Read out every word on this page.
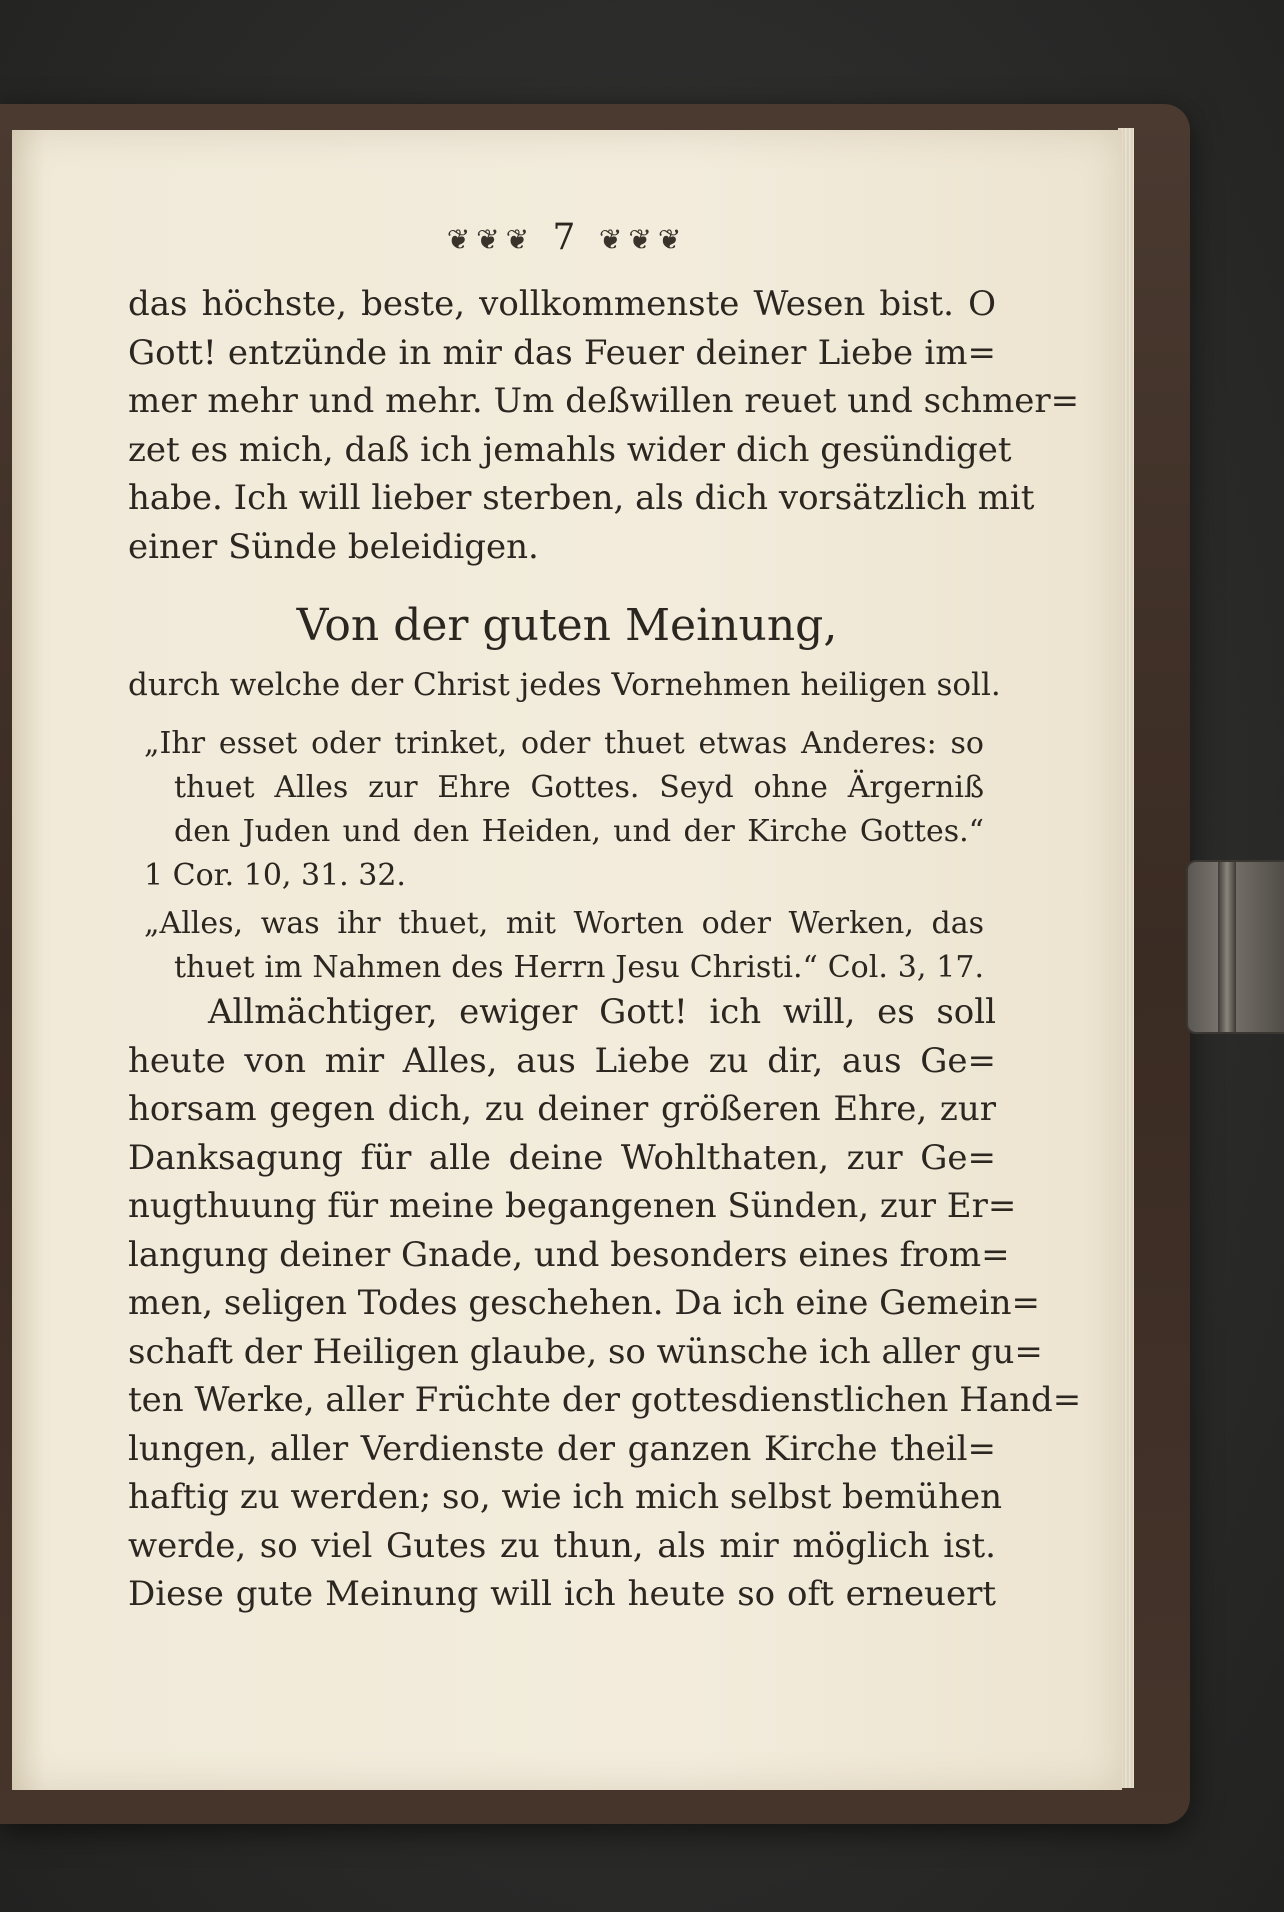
❦❦❦ 7 ❦❦❦
das höchste, beste, vollkommenste Wesen bist. O
Gott! entzünde in mir das Feuer deiner Liebe im=
mer mehr und mehr. Um deßwillen reuet und schmer=
zet es mich, daß ich jemahls wider dich gesündiget
habe. Ich will lieber sterben, als dich vorsätzlich mit
einer Sünde beleidigen.
Von der guten Meinung,
durch welche der Christ jedes Vornehmen heiligen soll.
„Ihr esset oder trinket, oder thuet etwas Anderes: so
thuet Alles zur Ehre Gottes. Seyd ohne Ärgerniß
den Juden und den Heiden, und der Kirche Gottes.“
1 Cor. 10, 31. 32.
„Alles, was ihr thuet, mit Worten oder Werken, das
thuet im Nahmen des Herrn Jesu Christi.“ Col. 3, 17.
Allmächtiger, ewiger Gott! ich will, es soll
heute von mir Alles, aus Liebe zu dir, aus Ge=
horsam gegen dich, zu deiner größeren Ehre, zur
Danksagung für alle deine Wohlthaten, zur Ge=
nugthuung für meine begangenen Sünden, zur Er=
langung deiner Gnade, und besonders eines from=
men, seligen Todes geschehen. Da ich eine Gemein=
schaft der Heiligen glaube, so wünsche ich aller gu=
ten Werke, aller Früchte der gottesdienstlichen Hand=
lungen, aller Verdienste der ganzen Kirche theil=
haftig zu werden; so, wie ich mich selbst bemühen
werde, so viel Gutes zu thun, als mir möglich ist.
Diese gute Meinung will ich heute so oft erneuert
